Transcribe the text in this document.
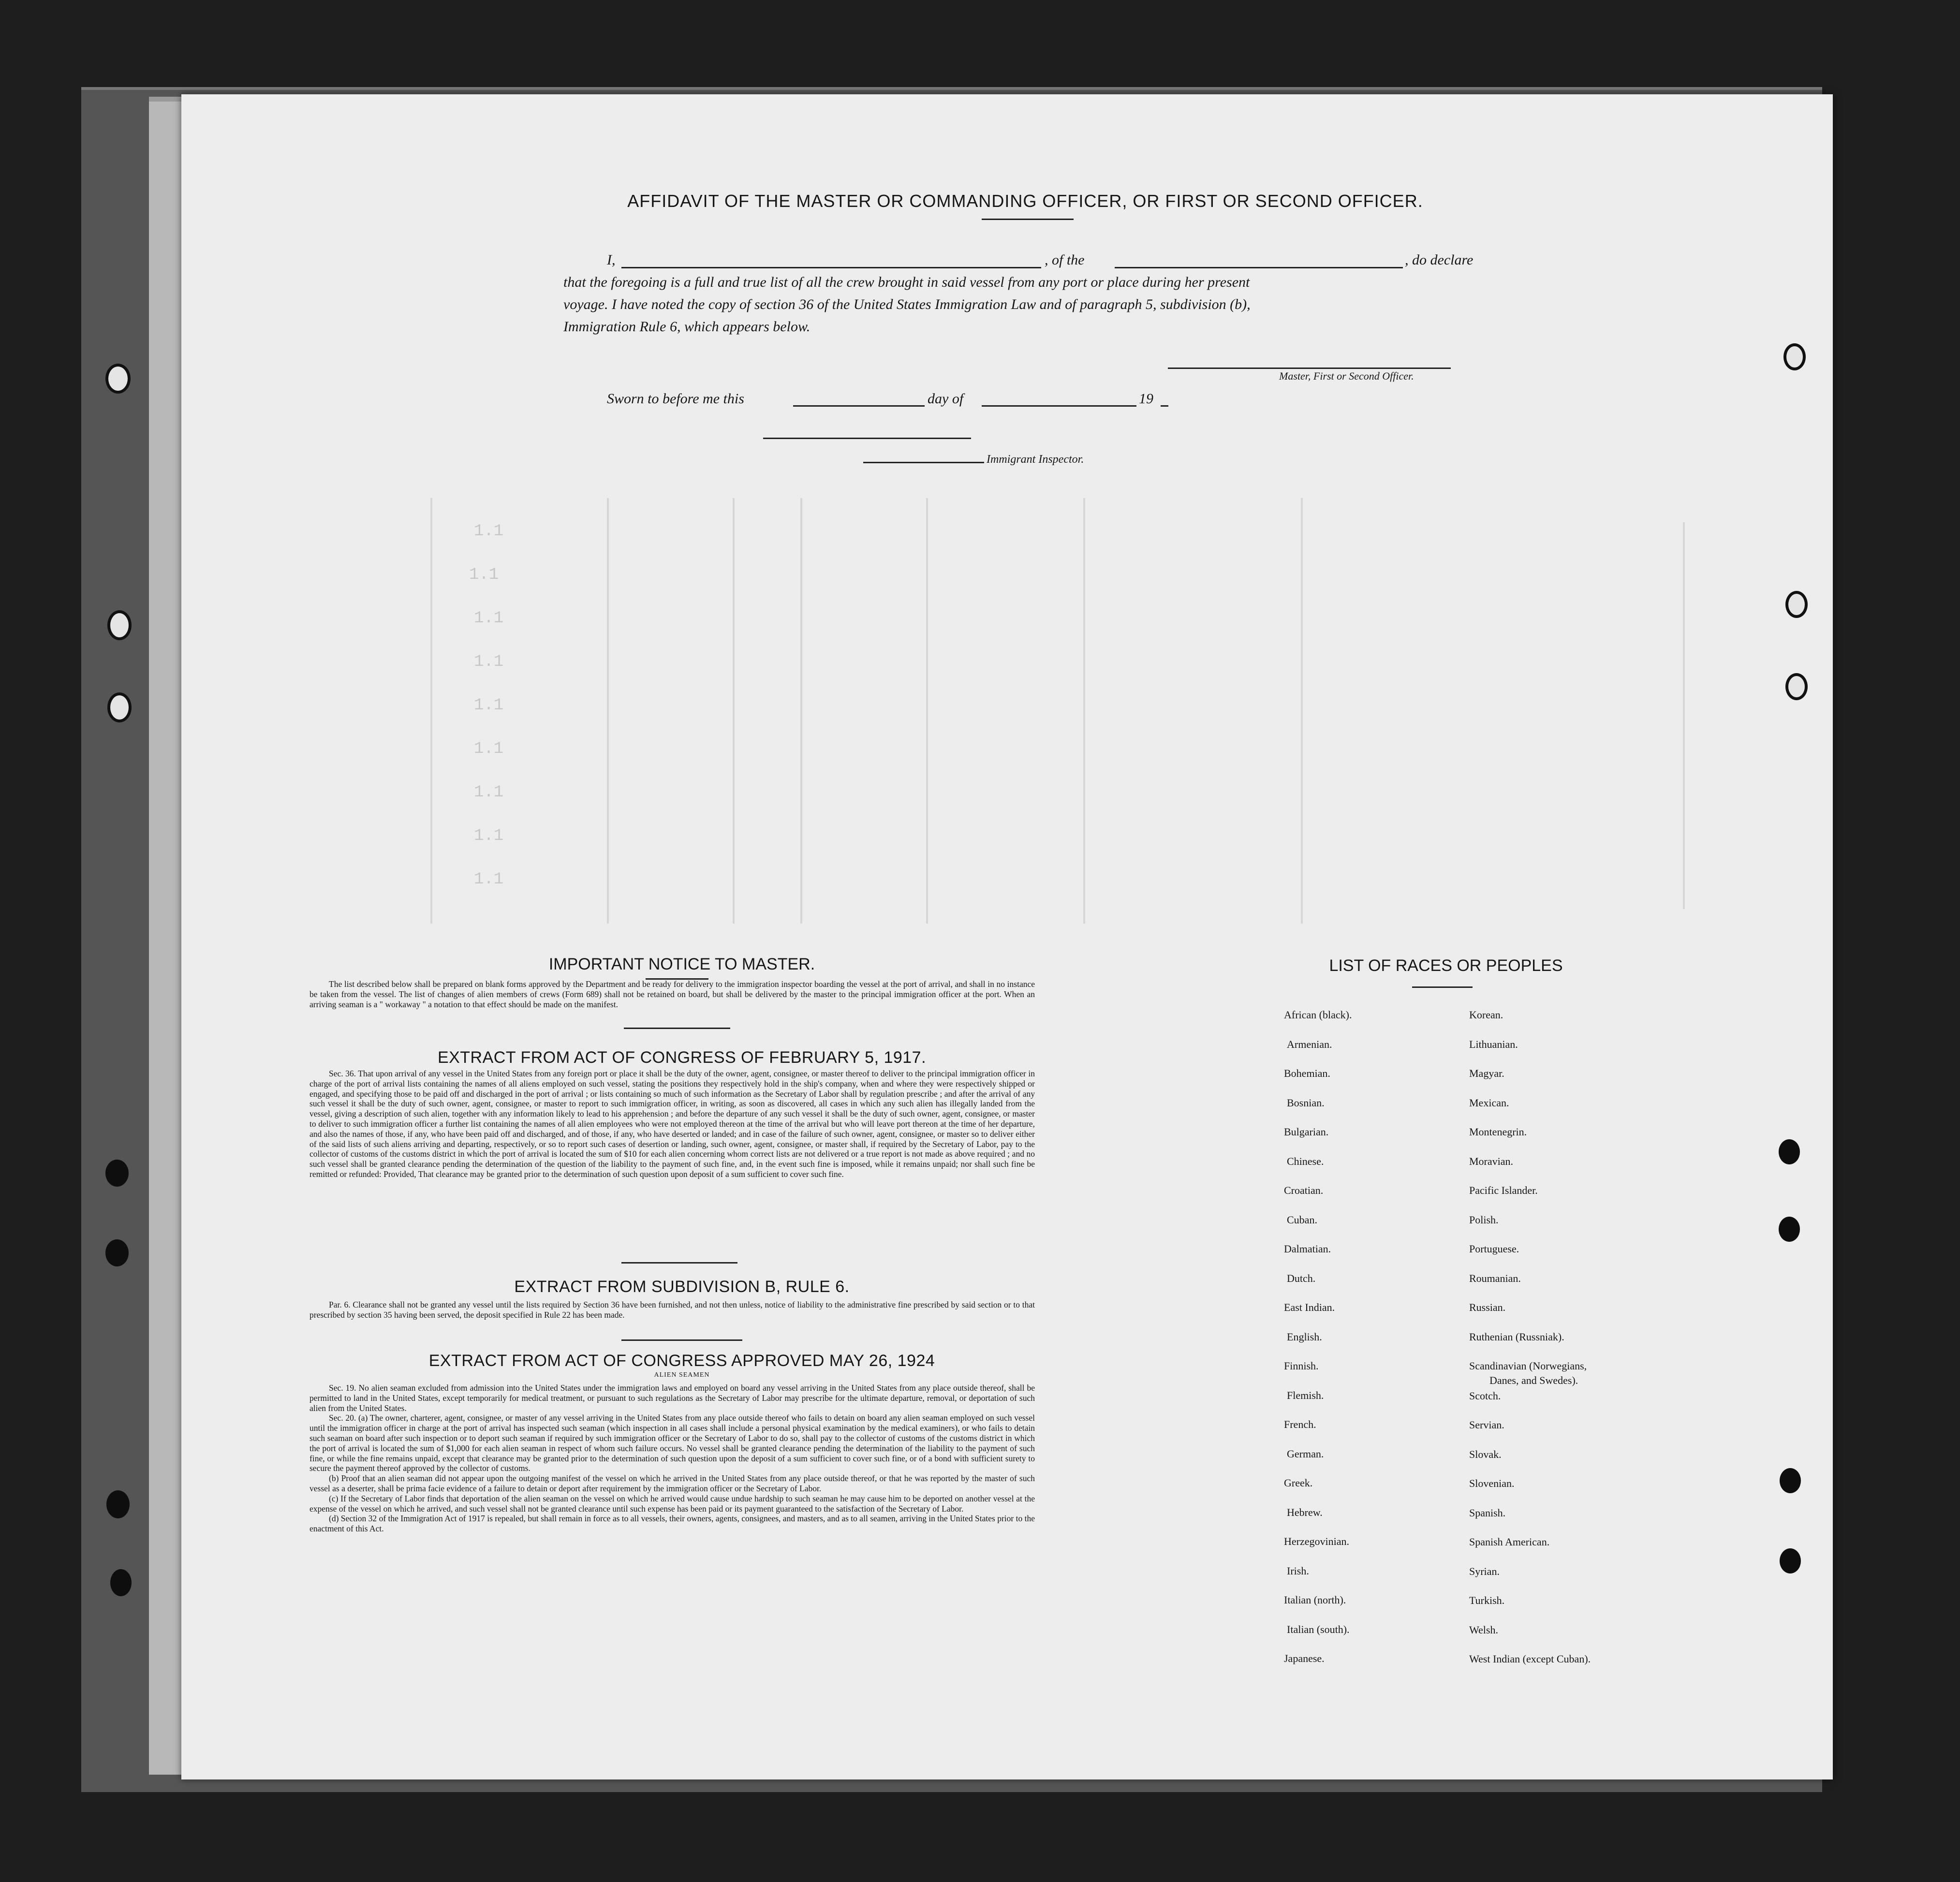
1.1
1.1
1.1
1.1
1.1
1.1
1.1
1.1
1.1
AFFIDAVIT OF THE MASTER OR COMMANDING OFFICER, OR FIRST OR SECOND OFFICER.
I,	, of the	, do declare
that the foregoing is a full and true list of all the crew brought in said vessel from any port or place during her present
voyage. I have noted the copy of section 36 of the United States Immigration Law and of paragraph 5, subdivision (b),
Immigration Rule 6, which appears below.
Master, First or Second Officer.
Sworn to before me this	day of	19
Immigrant Inspector.
IMPORTANT NOTICE TO MASTER.

The list described below shall be prepared on blank forms approved by the Department and be ready for delivery to the immigration inspector boarding the vessel at the port of arrival, and shall in no instance be taken from the vessel. The list of changes of alien members of crews (Form 689) shall not be retained on board, but shall be delivered by the master to the principal immigration officer at the port. When an arriving seaman is a " workaway " a notation to that effect should be made on the manifest.

EXTRACT FROM ACT OF CONGRESS OF FEBRUARY 5, 1917.

Sec. 36. That upon arrival of any vessel in the United States from any foreign port or place it shall be the duty of the owner, agent, consignee, or master thereof to deliver to the principal immigration officer in charge of the port of arrival lists containing the names of all aliens employed on such vessel, stating the positions they respectively hold in the ship's company, when and where they were respectively shipped or engaged, and specifying those to be paid off and discharged in the port of arrival ; or lists containing so much of such information as the Secretary of Labor shall by regulation prescribe ; and after the arrival of any such vessel it shall be the duty of such owner, agent, consignee, or master to report to such immigration officer, in writing, as soon as discovered, all cases in which any such alien has illegally landed from the vessel, giving a description of such alien, together with any information likely to lead to his apprehension ; and before the departure of any such vessel it shall be the duty of such owner, agent, consignee, or master to deliver to such immigration officer a further list containing the names of all alien employees who were not employed thereon at the time of the arrival but who will leave port thereon at the time of her departure, and also the names of those, if any, who have been paid off and discharged, and of those, if any, who have deserted or landed; and in case of the failure of such owner, agent, consignee, or master so to deliver either of the said lists of such aliens arriving and departing, respectively, or so to report such cases of desertion or landing, such owner, agent, consignee, or master shall, if required by the Secretary of Labor, pay to the collector of customs of the customs district in which the port of arrival is located the sum of $10 for each alien concerning whom correct lists are not delivered or a true report is not made as above required ; and no such vessel shall be granted clearance pending the determination of the question of the liability to the payment of such fine, and, in the event such fine is imposed, while it remains unpaid; nor shall such fine be remitted or refunded: Provided, That clearance may be granted prior to the determination of such question upon deposit of a sum sufficient to cover such fine.

EXTRACT FROM SUBDIVISION B, RULE 6.

Par. 6. Clearance shall not be granted any vessel until the lists required by Section 36 have been furnished, and not then unless, notice of liability to the administrative fine prescribed by said section or to that prescribed by section 35 having been served, the deposit specified in Rule 22 has been made.

EXTRACT FROM ACT OF CONGRESS APPROVED MAY 26, 1924
ALIEN SEAMEN

Sec. 19. No alien seaman excluded from admission into the United States under the immigration laws and employed on board any vessel arriving in the United States from any place outside thereof, shall be permitted to land in the United States, except temporarily for medical treatment, or pursuant to such regulations as the Secretary of Labor may prescribe for the ultimate departure, removal, or deportation of such alien from the United States.

Sec. 20. (a) The owner, charterer, agent, consignee, or master of any vessel arriving in the United States from any place outside thereof who fails to detain on board any alien seaman employed on such vessel until the immigration officer in charge at the port of arrival has inspected such seaman (which inspection in all cases shall include a personal physical examination by the medical examiners), or who fails to detain such seaman on board after such inspection or to deport such seaman if required by such immigration officer or the Secretary of Labor to do so, shall pay to the collector of customs of the customs district in which the port of arrival is located the sum of $1,000 for each alien seaman in respect of whom such failure occurs. No vessel shall be granted clearance pending the determination of the liability to the payment of such fine, or while the fine remains unpaid, except that clearance may be granted prior to the determination of such question upon the deposit of a sum sufficient to cover such fine, or of a bond with sufficient surety to secure the payment thereof approved by the collector of customs.

(b) Proof that an alien seaman did not appear upon the outgoing manifest of the vessel on which he arrived in the United States from any place outside thereof, or that he was reported by the master of such vessel as a deserter, shall be prima facie evidence of a failure to detain or deport after requirement by the immigration officer or the Secretary of Labor.

(c) If the Secretary of Labor finds that deportation of the alien seaman on the vessel on which he arrived would cause undue hardship to such seaman he may cause him to be deported on another vessel at the expense of the vessel on which he arrived, and such vessel shall not be granted clearance until such expense has been paid or its payment guaranteed to the satisfaction of the Secretary of Labor.

(d) Section 32 of the Immigration Act of 1917 is repealed, but shall remain in force as to all vessels, their owners, agents, consignees, and masters, and as to all seamen, arriving in the United States prior to the enactment of this Act.

LIST OF RACES OR PEOPLES
African (black).
Armenian.
Bohemian.
Bosnian.
Bulgarian.
Chinese.
Croatian.
Cuban.
Dalmatian.
Dutch.
East Indian.
English.
Finnish.
Flemish.
French.
German.
Greek.
Hebrew.
Herzegovinian.
Irish.
Italian (north).
Italian (south).
Japanese.
Korean.
Lithuanian.
Magyar.
Mexican.
Montenegrin.
Moravian.
Pacific Islander.
Polish.
Portuguese.
Roumanian.
Russian.
Ruthenian (Russniak).
Scandinavian (Norwegians,
Danes, and Swedes).
Scotch.
Servian.
Slovak.
Slovenian.
Spanish.
Spanish American.
Syrian.
Turkish.
Welsh.
West Indian (except Cuban).
